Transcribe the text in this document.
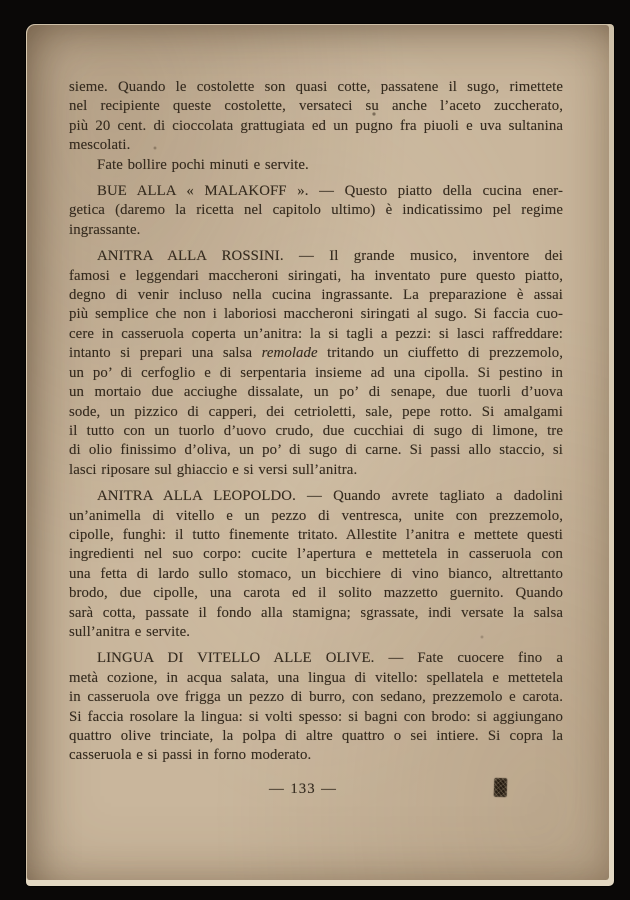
sieme. Quando le costolette son quasi cotte, passatene il sugo, rimettete
nel recipiente queste costolette, versateci su anche l’aceto zuccherato,
più 20 cent. di cioccolata grattugiata ed un pugno fra piuoli e uva sultanina
mescolati.
Fate bollire pochi minuti e servite.
BUE ALLA « MALAKOFF ». — Questo piatto della cucina ener-
getica (daremo la ricetta nel capitolo ultimo) è indicatissimo pel regime
ingrassante.
ANITRA ALLA ROSSINI. — Il grande musico, inventore dei
famosi e leggendari maccheroni siringati, ha inventato pure questo piatto,
degno di venir incluso nella cucina ingrassante. La preparazione è assai
più semplice che non i laboriosi maccheroni siringati al sugo. Si faccia cuo-
cere in casseruola coperta un’anitra: la si tagli a pezzi: si lasci raffreddare:
intanto si prepari una salsa remolade tritando un ciuffetto di prezzemolo,
un po’ di cerfoglio e di serpentaria insieme ad una cipolla. Si pestino in
un mortaio due acciughe dissalate, un po’ di senape, due tuorli d’uova
sode, un pizzico di capperi, dei cetrioletti, sale, pepe rotto. Si amalgami
il tutto con un tuorlo d’uovo crudo, due cucchiai di sugo di limone, tre
di olio finissimo d’oliva, un po’ di sugo di carne. Si passi allo staccio, si
lasci riposare sul ghiaccio e si versi sull’anitra.
ANITRA ALLA LEOPOLDO. — Quando avrete tagliato a dadolini
un’animella di vitello e un pezzo di ventresca, unite con prezzemolo,
cipolle, funghi: il tutto finemente tritato. Allestite l’anitra e mettete questi
ingredienti nel suo corpo: cucite l’apertura e mettetela in casseruola con
una fetta di lardo sullo stomaco, un bicchiere di vino bianco, altrettanto
brodo, due cipolle, una carota ed il solito mazzetto guernito. Quando
sarà cotta, passate il fondo alla stamigna; sgrassate, indi versate la salsa
sull’anitra e servite.
LINGUA DI VITELLO ALLE OLIVE. — Fate cuocere fino a
metà cozione, in acqua salata, una lingua di vitello: spellatela e mettetela
in casseruola ove frigga un pezzo di burro, con sedano, prezzemolo e carota.
Si faccia rosolare la lingua: si volti spesso: si bagni con brodo: si aggiungano
quattro olive trinciate, la polpa di altre quattro o sei intiere. Si copra la
casseruola e si passi in forno moderato.
— 133 —
